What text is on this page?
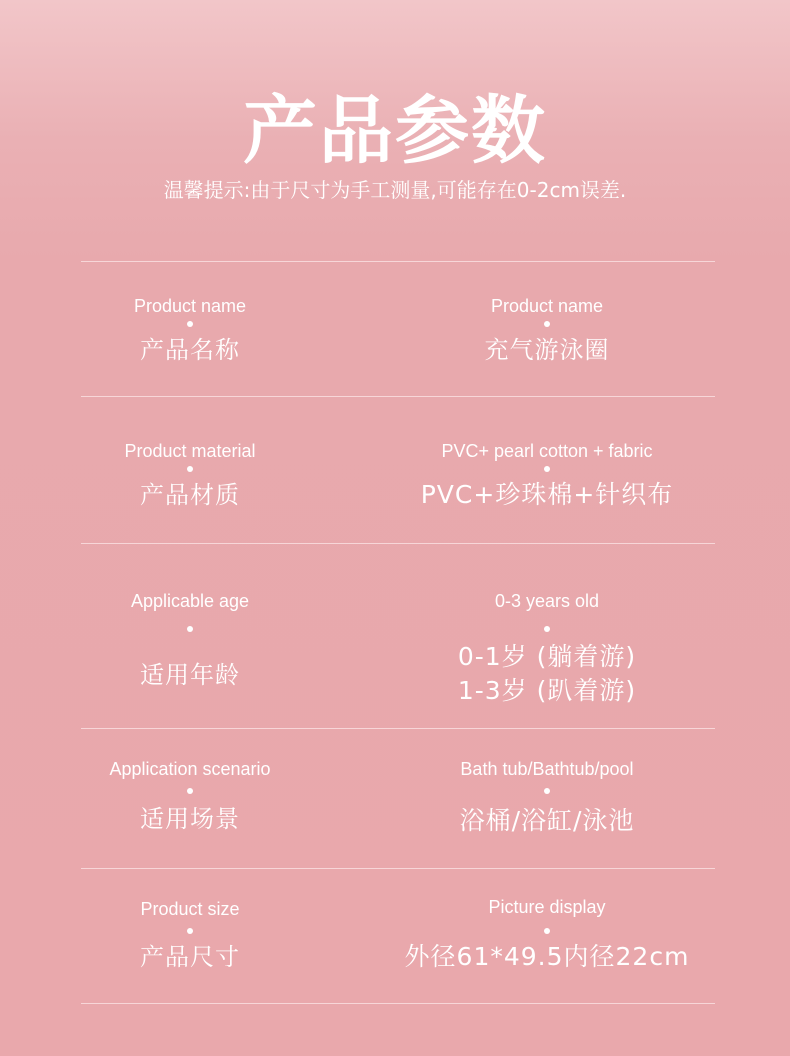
产品参数
温馨提示:由于尺寸为手工测量,可能存在0-2cm误差.
Product name
产品名称
Product name
充气游泳圈
Product material
产品材质
PVC+ pearl cotton + fabric
PVC+珍珠棉+针织布
Applicable age
适用年龄
0-3 years old
0-1岁 (躺着游)
1-3岁 (趴着游)
Application scenario
适用场景
Bath tub/Bathtub/pool
浴桶/浴缸/泳池
Product size
产品尺寸
Picture display
外径61*49.5内径22cm
